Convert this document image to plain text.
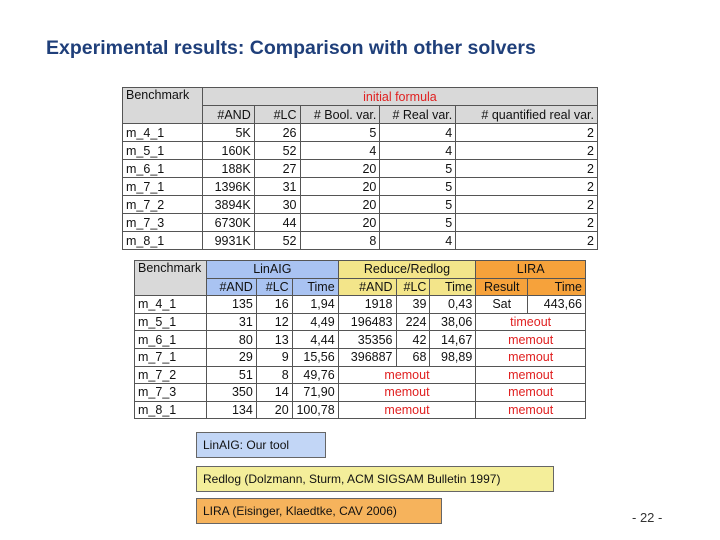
Experimental results: Comparison with other solvers
Benchmark	initial formula				
	#AND	#LC	# Bool. var.	# Real var.	# quantified real var.
m_4_1	5K	26	5	4	2
m_5_1	160K	52	4	4	2
m_6_1	188K	27	20	5	2
m_7_1	1396K	31	20	5	2
m_7_2	3894K	30	20	5	2
m_7_3	6730K	44	20	5	2
m_8_1	9931K	52	8	4	2
Benchmark	LinAIG			Reduce/Redlog			LIRA	
	#AND	#LC	Time	#AND	#LC	Time	Result	Time
m_4_1	135	16	1,94	1918	39	0,43	Sat	443,66
m_5_1	31	12	4,49	196483	224	38,06	timeout	
m_6_1	80	13	4,44	35356	42	14,67	memout	
m_7_1	29	9	15,56	396887	68	98,89	memout	
m_7_2	51	8	49,76	memout			memout	
m_7_3	350	14	71,90	memout			memout	
m_8_1	134	20	100,78	memout			memout	
LinAIG: Our tool
Redlog (Dolzmann, Sturm, ACM SIGSAM Bulletin 1997)
LIRA (Eisinger, Klaedtke, CAV 2006)	- 22 -
